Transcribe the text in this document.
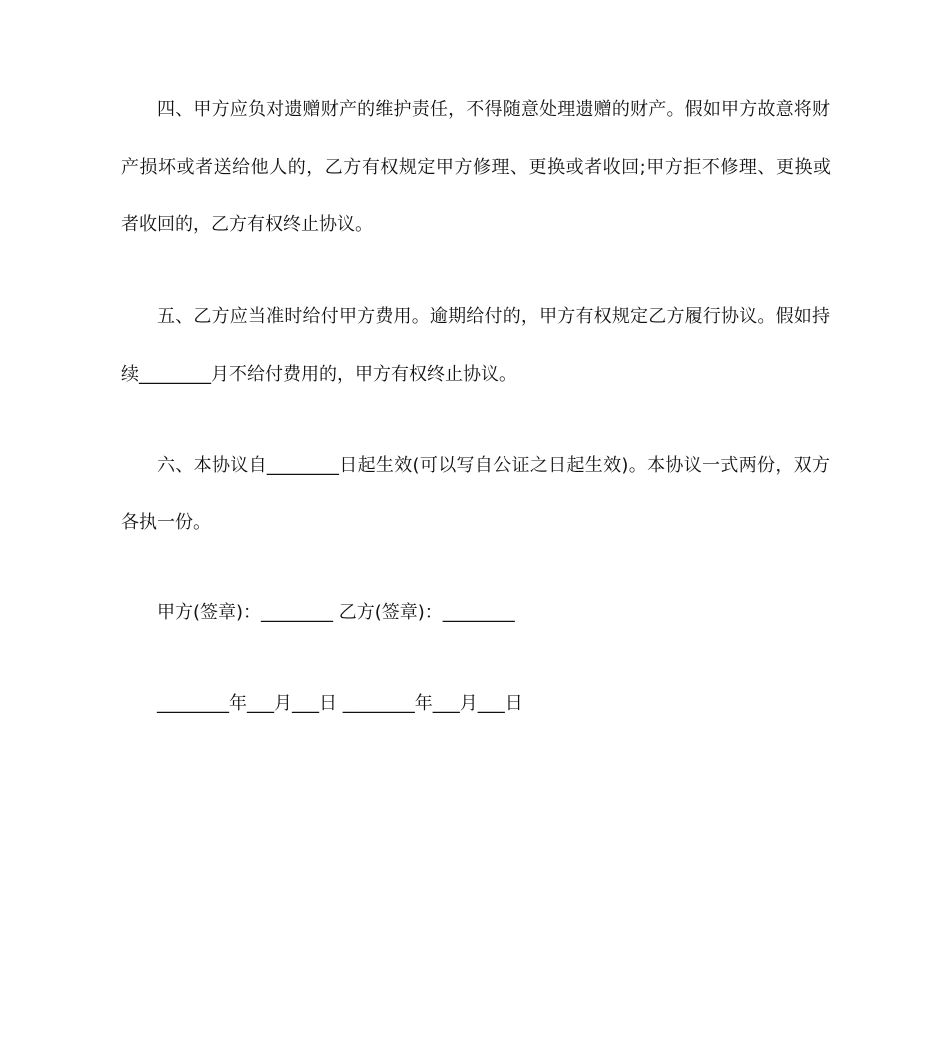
四、甲方应负对遗赠财产的维护责任，不得随意处理遗赠的财产。假如甲方故意将财
产损坏或者送给他人的，乙方有权规定甲方修理、更换或者收回;甲方拒不修理、更换或
者收回的，乙方有权终止协议。
五、乙方应当准时给付甲方费用。逾期给付的，甲方有权规定乙方履行协议。假如持
续________月不给付费用的，甲方有权终止协议。
六、本协议自________日起生效(可以写自公证之日起生效)。本协议一式两份，双方
各执一份。
甲方(签章)：________ 乙方(签章)：________
________年___月___日 ________年___月___日
